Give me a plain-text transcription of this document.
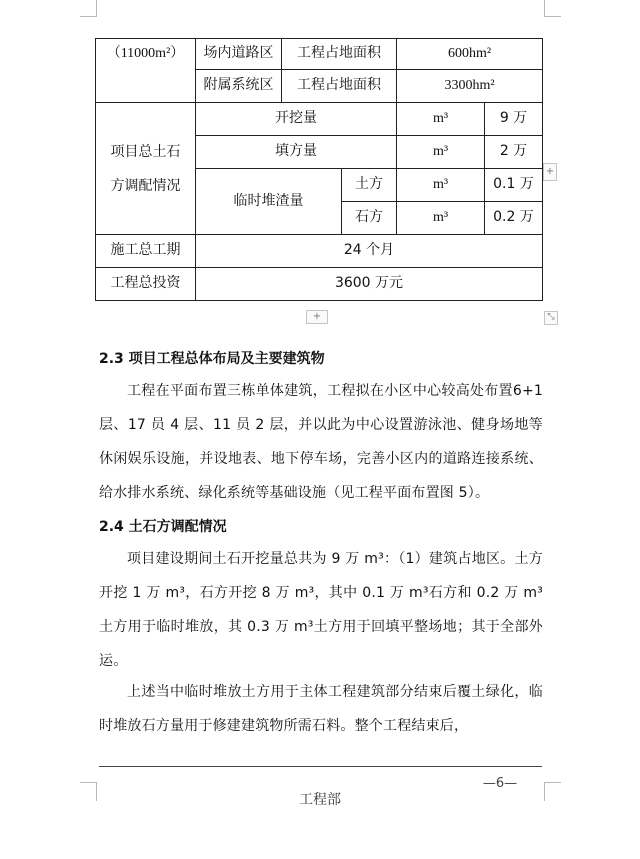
（11000m²）	场内道路区	工程占地面积		600hm²	
	附属系统区	工程占地面积		3300hm²	

项目总土石
方调配情况	开挖量			m³	9 万
	填方量			m³	2 万
	临时堆渣量		土方	m³	0.1 万
			石方	m³	0.2 万
施工总工期	24 个月				
工程总投资	3600 万元				
+
+	⤡
2.3 项目工程总体布局及主要建筑物
工程在平面布置三栋单体建筑，工程拟在小区中心较高处布置6+1 层、17 员 4 层、11 员 2 层，并以此为中心设置游泳池、健身场地等休闲娱乐设施，并设地表、地下停车场，完善小区内的道路连接系统、给水排水系统、绿化系统等基础设施（见工程平面布置图 5）。
2.4 土石方调配情况
项目建设期间土石开挖量总共为 9 万 m³：（1）建筑占地区。土方开挖 1 万 m³，石方开挖 8 万 m³，其中 0.1 万 m³石方和 0.2 万 m³土方用于临时堆放，其 0.3 万 m³土方用于回填平整场地；其于全部外运。
上述当中临时堆放土方用于主体工程建筑部分结束后覆土绿化，临时堆放石方量用于修建建筑物所需石料。整个工程结束后，
—6—
工程部
